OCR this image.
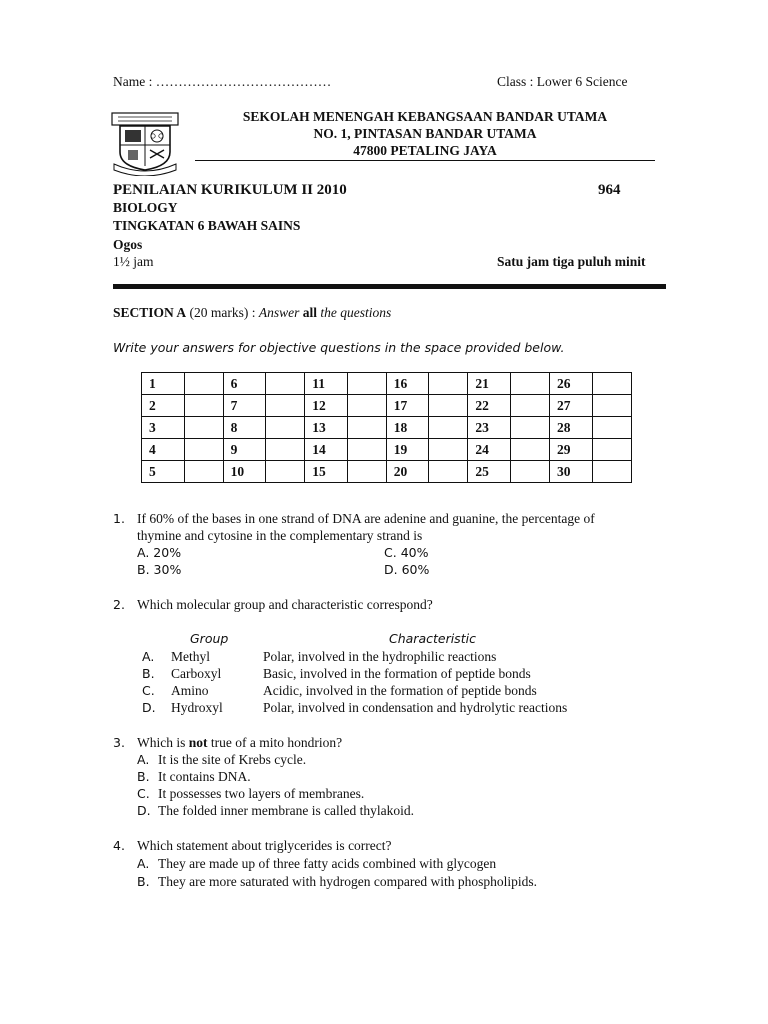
Name : …………………………………	Class : Lower 6 Science
SEKOLAH MENENGAH KEBANGSAAN BANDAR UTAMA
NO. 1, PINTASAN BANDAR UTAMA
47800 PETALING JAYA
PENILAIAN KURIKULUM II 2010	964
BIOLOGY
TINGKATAN 6 BAWAH SAINS
Ogos
1½ jam	Satu jam tiga puluh minit
SECTION A (20 marks) : Answer all the questions
Write your answers for objective questions in the space provided below.
1		6		11		16		21		26	
2		7		12		17		22		27	
3		8		13		18		23		28	
4		9		14		19		24		29	
5		10		15		20		25		30	
1. If 60% of the bases in one strand of DNA are adenine and guanine, the percentage of
thymine and cytosine in the complementary strand is
A. 20%
B. 30%
C. 40%
D. 60%
2. Which molecular group and characteristic correspond?
Group	Characteristic
A. Methyl	Polar, involved in the hydrophilic reactions
B. Carboxyl	Basic, involved in the formation of peptide bonds
C. Amino	Acidic, involved in the formation of peptide bonds
D. Hydroxyl	Polar, involved in condensation and hydrolytic reactions
3. Which is not true of a mito hondrion?
A. It is the site of Krebs cycle.
B. It contains DNA.
C. It possesses two layers of membranes.
D. The folded inner membrane is called thylakoid.
4. Which statement about triglycerides is correct?
A. They are made up of three fatty acids combined with glycogen
B. They are more saturated with hydrogen compared with phospholipids.
